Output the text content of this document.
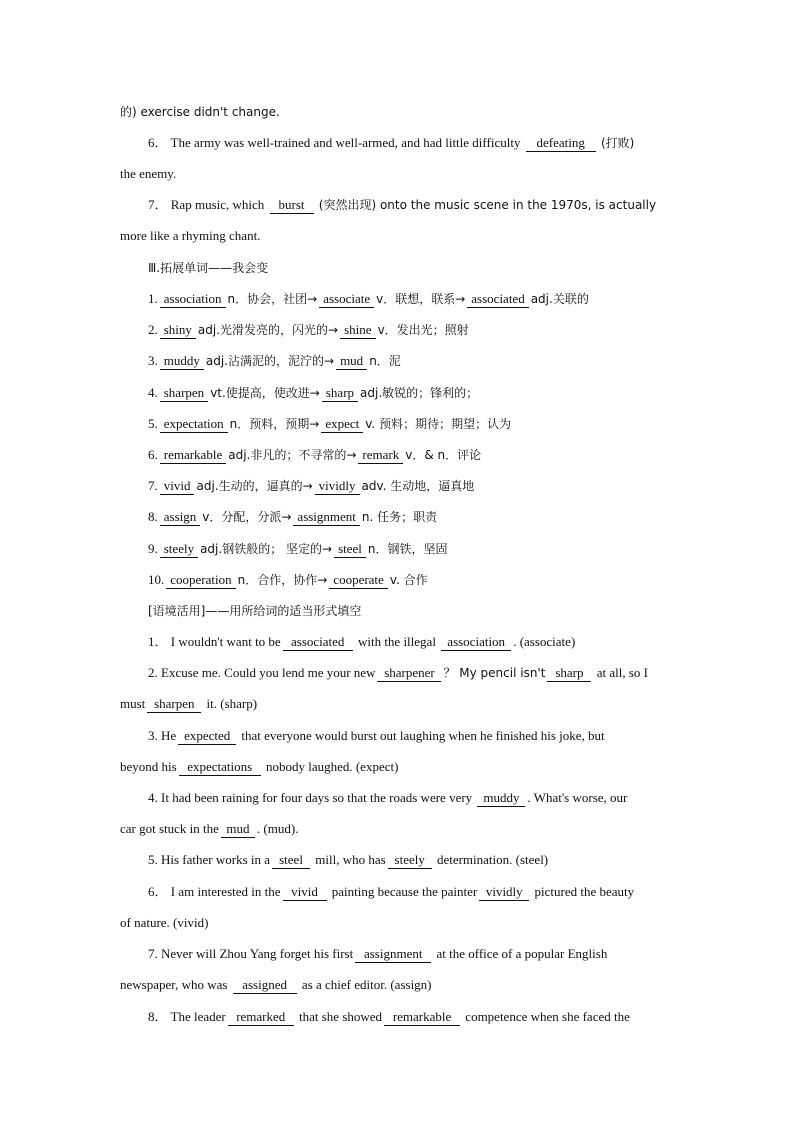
的) exercise didn't change.
6． The army was well-trained and well-armed, and had little difficulty defeating (打败)
the enemy.
7． Rap music, which burst (突然出现) onto the music scene in the 1970s, is actually
more like a rhyming chant.
Ⅲ.拓展单词——我会变
1. association n．协会，社团→ associate v．联想，联系→ associated adj.关联的
2. shiny adj.光滑发亮的，闪光的→ shine v．发出光；照射
3. muddy adj.沾满泥的，泥泞的→ mud n．泥
4. sharpen vt.使提高，使改进→ sharp adj.敏锐的；锋利的；
5. expectation n．预料，预期→ expect v. 预料；期待；期望；认为
6. remarkable adj.非凡的；不寻常的→ remark v．& n．评论
7. vivid adj.生动的，逼真的→ vividly adv. 生动地，逼真地
8. assign v．分配，分派→ assignment n. 任务；职责
9. steely adj.钢铁般的； 坚定的→ steel n．钢铁，坚固
10. cooperation n．合作，协作→ cooperate v. 合作
[语境活用]——用所给词的适当形式填空
1． I wouldn't want to be associated with the illegal association . (associate)
2. Excuse me. Could you lend me your new sharpener ？ My pencil isn't sharp at all, so I
must sharpen it. (sharp)
3. He expected that everyone would burst out laughing when he finished his joke, but
beyond his expectations nobody laughed. (expect)
4. It had been raining for four days so that the roads were very muddy . What's worse, our
car got stuck in the mud . (mud).
5. His father works in a steel mill, who has steely determination. (steel)
6． I am interested in the vivid painting because the painter vividly pictured the beauty
of nature. (vivid)
7. Never will Zhou Yang forget his first assignment at the office of a popular English
newspaper, who was assigned as a chief editor. (assign)
8． The leader remarked that she showed remarkable competence when she faced the
